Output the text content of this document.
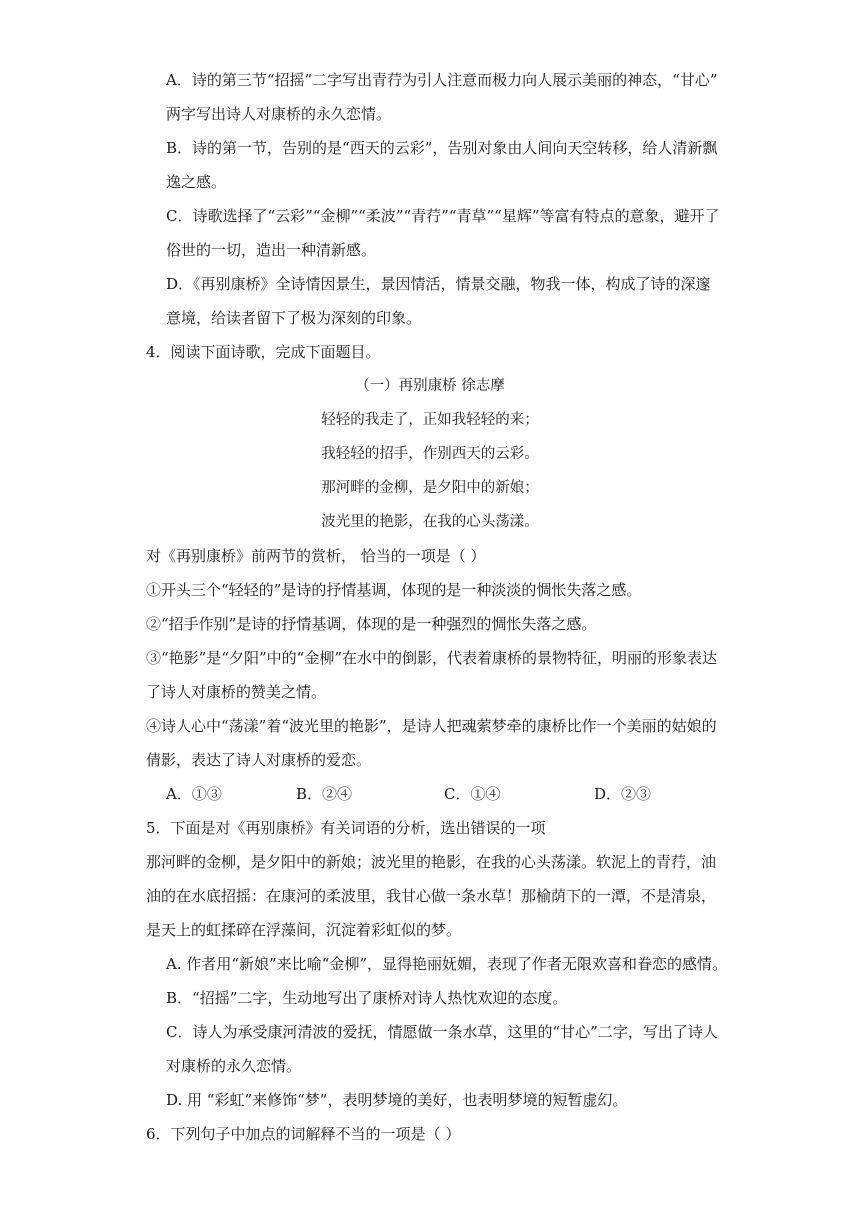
A．诗的第三节“招摇”二字写出青荇为引人注意而极力向人展示美丽的神态，“甘心”
两字写出诗人对康桥的永久恋情。
B．诗的第一节，告别的是“西天的云彩”，告别对象由人间向天空转移，给人清新飘
逸之感。
C．诗歌选择了“云彩”“金柳”“柔波”“青荇”“青草”“星辉”等富有特点的意象，避开了
俗世的一切，造出一种清新感。
D．《再别康桥》全诗情因景生，景因情活，情景交融，物我一体，构成了诗的深邃
意境，给读者留下了极为深刻的印象。
4．阅读下面诗歌，完成下面题目。
（一）再别康桥 徐志摩
轻轻的我走了，正如我轻轻的来；
我轻轻的招手，作别西天的云彩。
那河畔的金柳，是夕阳中的新娘；
波光里的艳影，在我的心头荡漾。
对《再别康桥》前两节的赏析， 恰当的一项是（ ）
①开头三个“轻轻的”是诗的抒情基调，体现的是一种淡淡的惆怅失落之感。
②“招手作别”是诗的抒情基调，体现的是一种强烈的惆怅失落之感。
③“艳影”是“夕阳”中的“金柳”在水中的倒影，代表着康桥的景物特征，明丽的形象表达
了诗人对康桥的赞美之情。
④诗人心中“荡漾”着“波光里的艳影”，是诗人把魂萦梦牵的康桥比作一个美丽的姑娘的
倩影，表达了诗人对康桥的爱恋。
A．①③	B．②④	C．①④	D．②③
5．下面是对《再别康桥》有关词语的分析，选出错误的一项
那河畔的金柳，是夕阳中的新娘；波光里的艳影，在我的心头荡漾。软泥上的青荇，油
油的在水底招摇：在康河的柔波里，我甘心做一条水草！那榆荫下的一潭，不是清泉，
是天上的虹揉碎在浮藻间，沉淀着彩虹似的梦。
A. 作者用“新娘”来比喻“金柳”，显得艳丽妩媚，表现了作者无限欢喜和眷恋的感情。
B．“招摇”二字，生动地写出了康桥对诗人热忱欢迎的态度。
C．诗人为承受康河清波的爱抚，情愿做一条水草，这里的“甘心”二字，写出了诗人
对康桥的永久恋情。
D. 用 “彩虹”来修饰“梦”，表明梦境的美好，也表明梦境的短暂虚幻。
6．下列句子中加点的词解释不当的一项是（ ）
